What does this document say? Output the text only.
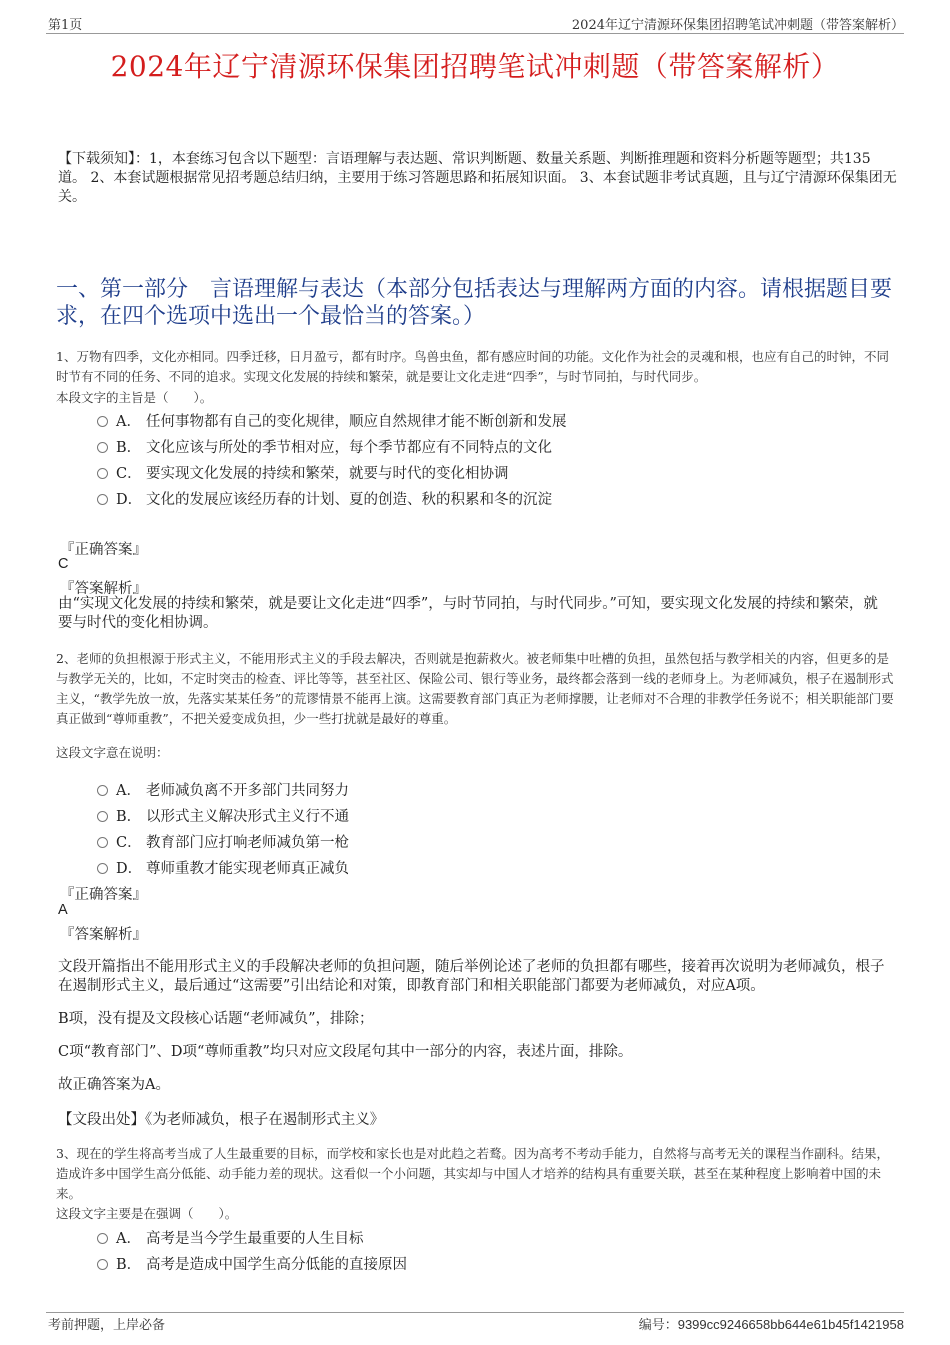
第1页	2024年辽宁清源环保集团招聘笔试冲刺题（带答案解析）
2024年辽宁清源环保集团招聘笔试冲刺题（带答案解析）
【下载须知】：1，本套练习包含以下题型：言语理解与表达题、常识判断题、数量关系题、判断推理题和资料分析题等题型；共135道。 2、本套试题根据常见招考题总结归纳，主要用于练习答题思路和拓展知识面。 3、本套试题非考试真题，且与辽宁清源环保集团无关。
一、第一部分　言语理解与表达（本部分包括表达与理解两方面的内容。请根据题目要求，在四个选项中选出一个最恰当的答案。）
1、万物有四季，文化亦相同。四季迁移，日月盈亏，都有时序。鸟兽虫鱼，都有感应时间的功能。文化作为社会的灵魂和根，也应有自己的时钟，不同时节有不同的任务、不同的追求。实现文化发展的持续和繁荣，就是要让文化走进“四季”，与时节同拍，与时代同步。
本段文字的主旨是（　　）。
A． 任何事物都有自己的变化规律，顺应自然规律才能不断创新和发展
B． 文化应该与所处的季节相对应，每个季节都应有不同特点的文化
C． 要实现文化发展的持续和繁荣，就要与时代的变化相协调
D． 文化的发展应该经历春的计划、夏的创造、秋的积累和冬的沉淀
『正确答案』
C
『答案解析』
由“实现文化发展的持续和繁荣，就是要让文化走进“四季”，与时节同拍，与时代同步。”可知，要实现文化发展的持续和繁荣，就要与时代的变化相协调。
2、老师的负担根源于形式主义，不能用形式主义的手段去解决，否则就是抱薪救火。被老师集中吐槽的负担，虽然包括与教学相关的内容，但更多的是与教学无关的，比如，不定时突击的检查、评比等等，甚至社区、保险公司、银行等业务，最终都会落到一线的老师身上。为老师减负，根子在遏制形式主义，“教学先放一放，先落实某某任务”的荒谬情景不能再上演。这需要教育部门真正为老师撑腰，让老师对不合理的非教学任务说不；相关职能部门要真正做到“尊师重教”，不把关爱变成负担，少一些打扰就是最好的尊重。
这段文字意在说明：
A． 老师减负离不开多部门共同努力
B． 以形式主义解决形式主义行不通
C． 教育部门应打响老师减负第一枪
D． 尊师重教才能实现老师真正减负
『正确答案』
A
『答案解析』
文段开篇指出不能用形式主义的手段解决老师的负担问题，随后举例论述了老师的负担都有哪些，接着再次说明为老师减负，根子在遏制形式主义，最后通过“这需要”引出结论和对策，即教育部门和相关职能部门都要为老师减负，对应A项。
B项，没有提及文段核心话题“老师减负”，排除；
C项“教育部门”、D项“尊师重教”均只对应文段尾句其中一部分的内容，表述片面，排除。
故正确答案为A。
【文段出处】《为老师减负，根子在遏制形式主义》
3、现在的学生将高考当成了人生最重要的目标，而学校和家长也是对此趋之若鹜。因为高考不考动手能力，自然将与高考无关的课程当作副科。结果，造成许多中国学生高分低能、动手能力差的现状。这看似一个小问题，其实却与中国人才培养的结构具有重要关联，甚至在某种程度上影响着中国的未来。
这段文字主要是在强调（　　）。
A． 高考是当今学生最重要的人生目标
B． 高考是造成中国学生高分低能的直接原因
考前押题，上岸必备	编号：9399cc9246658bb644e61b45f1421958
